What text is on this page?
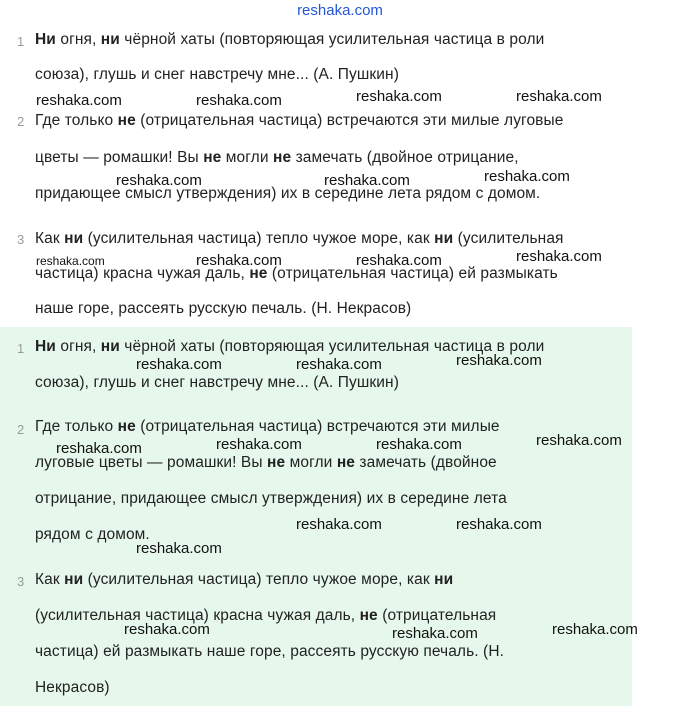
reshaka.com
1 Ни огня, ни чёрной хаты (повторяющая усилительная частица в роли
союза), глушь и снег навстречу мне... (А. Пушкин)
2 Где только не (отрицательная частица) встречаются эти милые луговые
цветы — ромашки! Вы не могли не замечать (двойное отрицание,
придающее смысл утверждения) их в середине лета рядом с домом.
3 Как ни (усилительная частица) тепло чужое море, как ни (усилительная
частица) красна чужая даль, не (отрицательная частица) ей размыкать
наше горе, рассеять русскую печаль. (Н. Некрасов)
1 Ни огня, ни чёрной хаты (повторяющая усилительная частица в роли
союза), глушь и снег навстречу мне... (А. Пушкин)
2 Где только не (отрицательная частица) встречаются эти милые
луговые цветы — ромашки! Вы не могли не замечать (двойное
отрицание, придающее смысл утверждения) их в середине лета
рядом с домом.
3 Как ни (усилительная частица) тепло чужое море, как ни
(усилительная частица) красна чужая даль, не (отрицательная
частица) ей размыкать наше горе, рассеять русскую печаль. (Н.
Некрасов)
reshaka.com	reshaka.com	reshaka.com	reshaka.com
reshaka.com	reshaka.com	reshaka.com
reshaka.com	reshaka.com	reshaka.com	reshaka.com
reshaka.com	reshaka.com	reshaka.com
reshaka.com	reshaka.com	reshaka.com	reshaka.com
reshaka.com	reshaka.com
reshaka.com
reshaka.com	reshaka.com	reshaka.com
